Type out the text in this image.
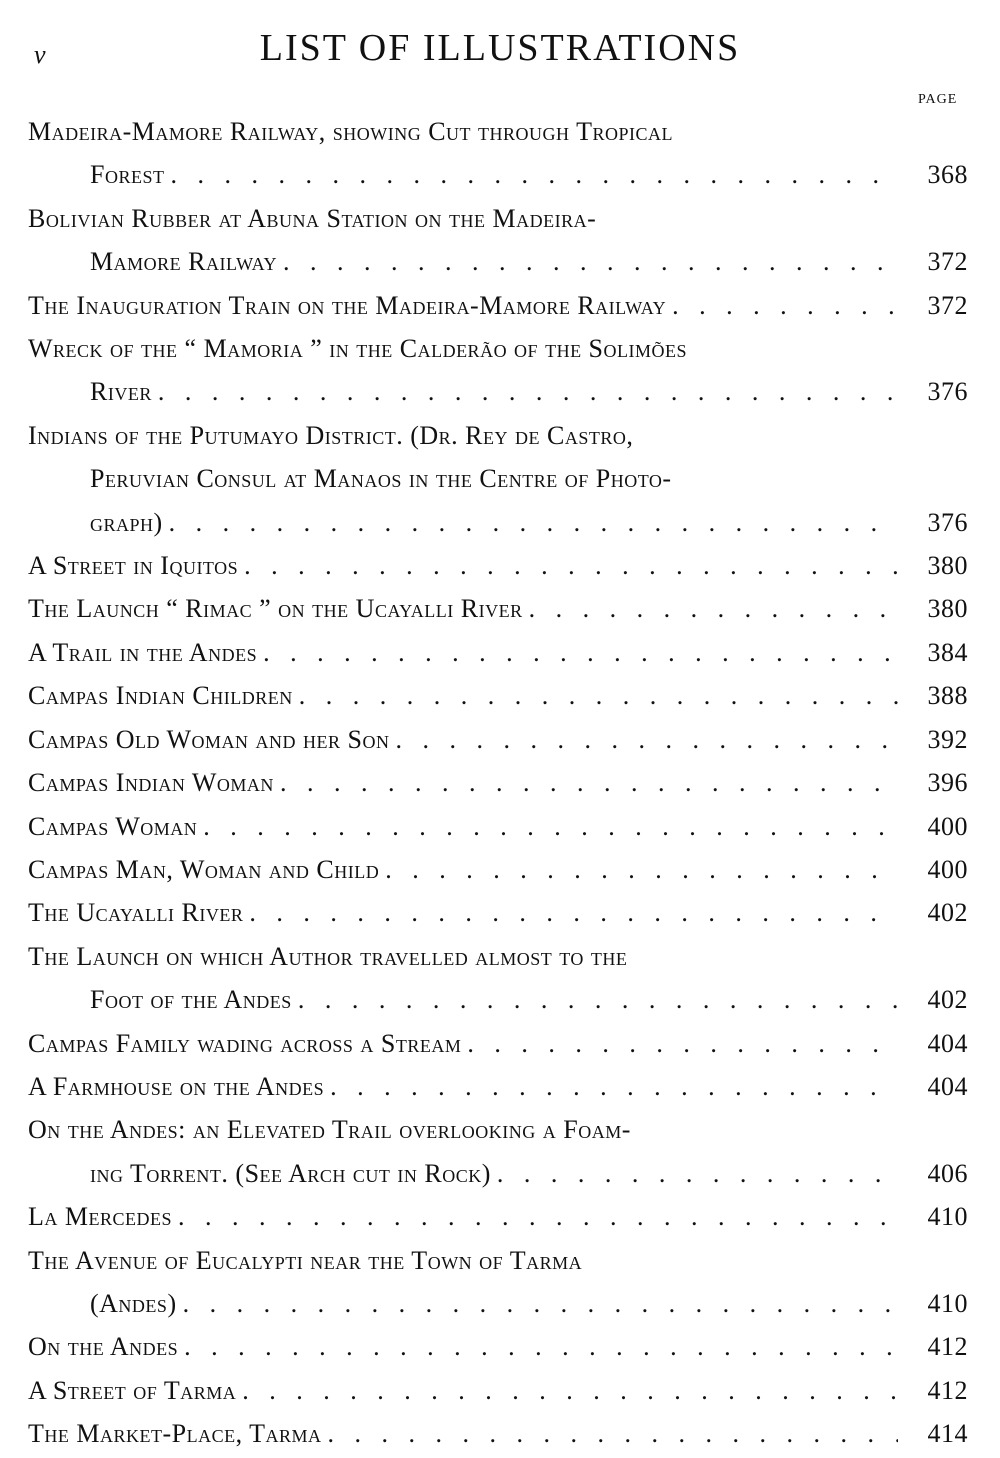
v	LIST OF ILLUSTRATIONS
PAGE
Madeira-Mamore Railway, showing Cut through Tropical
Forest . . .	368
Bolivian Rubber at Abuna Station on the Madeira-
Mamore Railway . . .	372
The Inauguration Train on the Madeira-Mamore Railway . . .	372
Wreck of the “ Mamoria ” in the Calderão of the Solimões
River . . .	376
Indians of the Putumayo District. (Dr. Rey de Castro,
Peruvian Consul at Manaos in the Centre of Photo-
graph) . . .	376
A Street in Iquitos . . .	380
The Launch “ Rimac ” on the Ucayalli River . . .	380
A Trail in the Andes . . .	384
Campas Indian Children . . .	388
Campas Old Woman and her Son . . .	392
Campas Indian Woman . . .	396
Campas Woman . . .	400
Campas Man, Woman and Child . . .	400
The Ucayalli River . . .	402
The Launch on which Author travelled almost to the
Foot of the Andes . . .	402
Campas Family wading across a Stream . . .	404
A Farmhouse on the Andes . . .	404
On the Andes: an Elevated Trail overlooking a Foam-
ing Torrent. (See Arch cut in Rock) . . .	406
La Mercedes . . .	410
The Avenue of Eucalypti near the Town of Tarma
(Andes) . . .	410
On the Andes . . .	412
A Street of Tarma . . .	412
The Market-Place, Tarma . . .	414
